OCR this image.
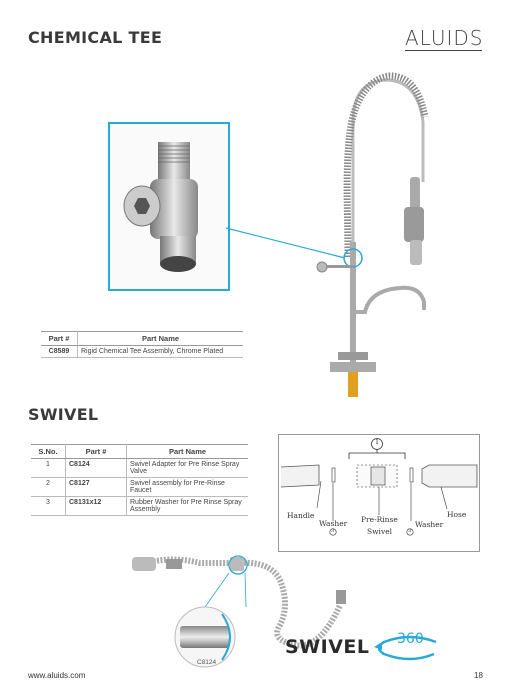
CHEMICAL TEE	ALUIDS
Part #	Part Name
C8589	Rigid Chemical Tee Assembly, Chrome Plated
SWIVEL
S.No.	Part #	Part Name
1	C8124	Swivel Adapter for Pre Rinse Spray Valve
2	C8127	Swivel assembly for Pre-Rinse Faucet
3	C8131x12	Rubber Washer for Pre Rinse Spray Assembly
1
Handle
Washer
3
Pre-Rinse
Swivel
Washer
3
Hose
C8124
SWIVEL 360
www.aluids.com	18
